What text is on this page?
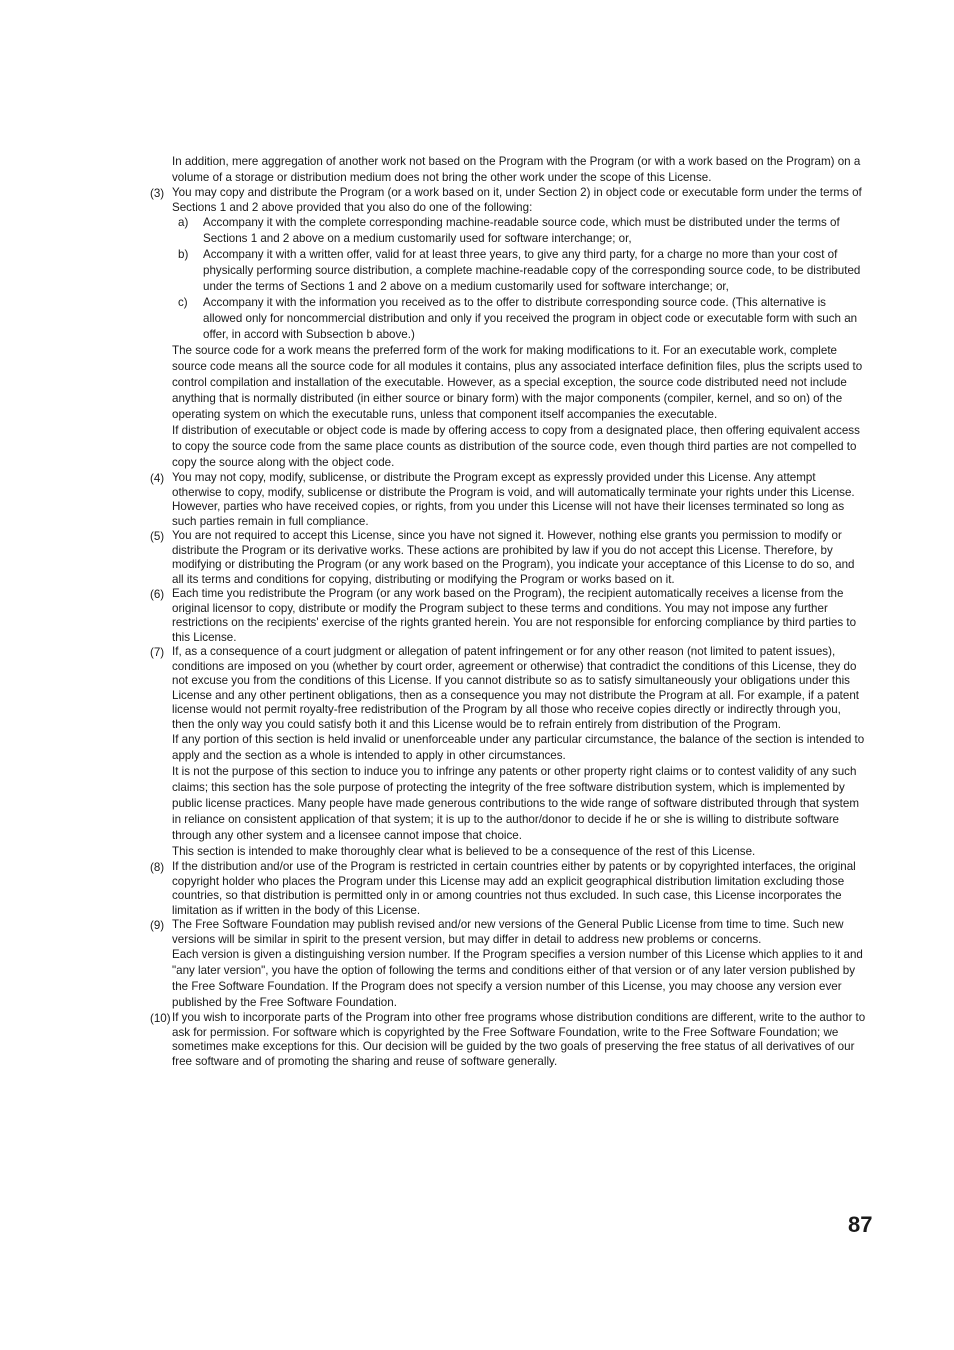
In addition, mere aggregation of another work not based on the Program with the Program (or with a work based on the Program) on a volume of a storage or distribution medium does not bring the other work under the scope of this License.
(3) You may copy and distribute the Program (or a work based on it, under Section 2) in object code or executable form under the terms of Sections 1 and 2 above provided that you also do one of the following:
a)	Accompany it with the complete corresponding machine-readable source code, which must be distributed under the terms of Sections 1 and 2 above on a medium customarily used for software interchange; or,
b)	Accompany it with a written offer, valid for at least three years, to give any third party, for a charge no more than your cost of physically performing source distribution, a complete machine-readable copy of the corresponding source code, to be distributed under the terms of Sections 1 and 2 above on a medium customarily used for software interchange; or,
c)	Accompany it with the information you received as to the offer to distribute corresponding source code. (This alternative is allowed only for noncommercial distribution and only if you received the program in object code or executable form with such an offer, in accord with Subsection b above.)
The source code for a work means the preferred form of the work for making modifications to it. For an executable work, complete source code means all the source code for all modules it contains, plus any associated interface definition files, plus the scripts used to control compilation and installation of the executable. However, as a special exception, the source code distributed need not include anything that is normally distributed (in either source or binary form) with the major components (compiler, kernel, and so on) of the operating system on which the executable runs, unless that component itself accompanies the executable.
If distribution of executable or object code is made by offering access to copy from a designated place, then offering equivalent access to copy the source code from the same place counts as distribution of the source code, even though third parties are not compelled to copy the source along with the object code.
(4) You may not copy, modify, sublicense, or distribute the Program except as expressly provided under this License. Any attempt otherwise to copy, modify, sublicense or distribute the Program is void, and will automatically terminate your rights under this License. However, parties who have received copies, or rights, from you under this License will not have their licenses terminated so long as such parties remain in full compliance.
(5) You are not required to accept this License, since you have not signed it. However, nothing else grants you permission to modify or distribute the Program or its derivative works. These actions are prohibited by law if you do not accept this License. Therefore, by modifying or distributing the Program (or any work based on the Program), you indicate your acceptance of this License to do so, and all its terms and conditions for copying, distributing or modifying the Program or works based on it.
(6) Each time you redistribute the Program (or any work based on the Program), the recipient automatically receives a license from the original licensor to copy, distribute or modify the Program subject to these terms and conditions. You may not impose any further restrictions on the recipients' exercise of the rights granted herein. You are not responsible for enforcing compliance by third parties to this License.
(7) If, as a consequence of a court judgment or allegation of patent infringement or for any other reason (not limited to patent issues), conditions are imposed on you (whether by court order, agreement or otherwise) that contradict the conditions of this License, they do not excuse you from the conditions of this License. If you cannot distribute so as to satisfy simultaneously your obligations under this License and any other pertinent obligations, then as a consequence you may not distribute the Program at all. For example, if a patent license would not permit royalty-free redistribution of the Program by all those who receive copies directly or indirectly through you, then the only way you could satisfy both it and this License would be to refrain entirely from distribution of the Program.
If any portion of this section is held invalid or unenforceable under any particular circumstance, the balance of the section is intended to apply and the section as a whole is intended to apply in other circumstances.
It is not the purpose of this section to induce you to infringe any patents or other property right claims or to contest validity of any such claims; this section has the sole purpose of protecting the integrity of the free software distribution system, which is implemented by public license practices. Many people have made generous contributions to the wide range of software distributed through that system in reliance on consistent application of that system; it is up to the author/donor to decide if he or she is willing to distribute software through any other system and a licensee cannot impose that choice.
This section is intended to make thoroughly clear what is believed to be a consequence of the rest of this License.
(8) If the distribution and/or use of the Program is restricted in certain countries either by patents or by copyrighted interfaces, the original copyright holder who places the Program under this License may add an explicit geographical distribution limitation excluding those countries, so that distribution is permitted only in or among countries not thus excluded. In such case, this License incorporates the limitation as if written in the body of this License.
(9) The Free Software Foundation may publish revised and/or new versions of the General Public License from time to time. Such new versions will be similar in spirit to the present version, but may differ in detail to address new problems or concerns.
Each version is given a distinguishing version number. If the Program specifies a version number of this License which applies to it and "any later version", you have the option of following the terms and conditions either of that version or of any later version published by the Free Software Foundation. If the Program does not specify a version number of this License, you may choose any version ever published by the Free Software Foundation.
(10) If you wish to incorporate parts of the Program into other free programs whose distribution conditions are different, write to the author to ask for permission. For software which is copyrighted by the Free Software Foundation, write to the Free Software Foundation; we sometimes make exceptions for this. Our decision will be guided by the two goals of preserving the free status of all derivatives of our free software and of promoting the sharing and reuse of software generally.
87
